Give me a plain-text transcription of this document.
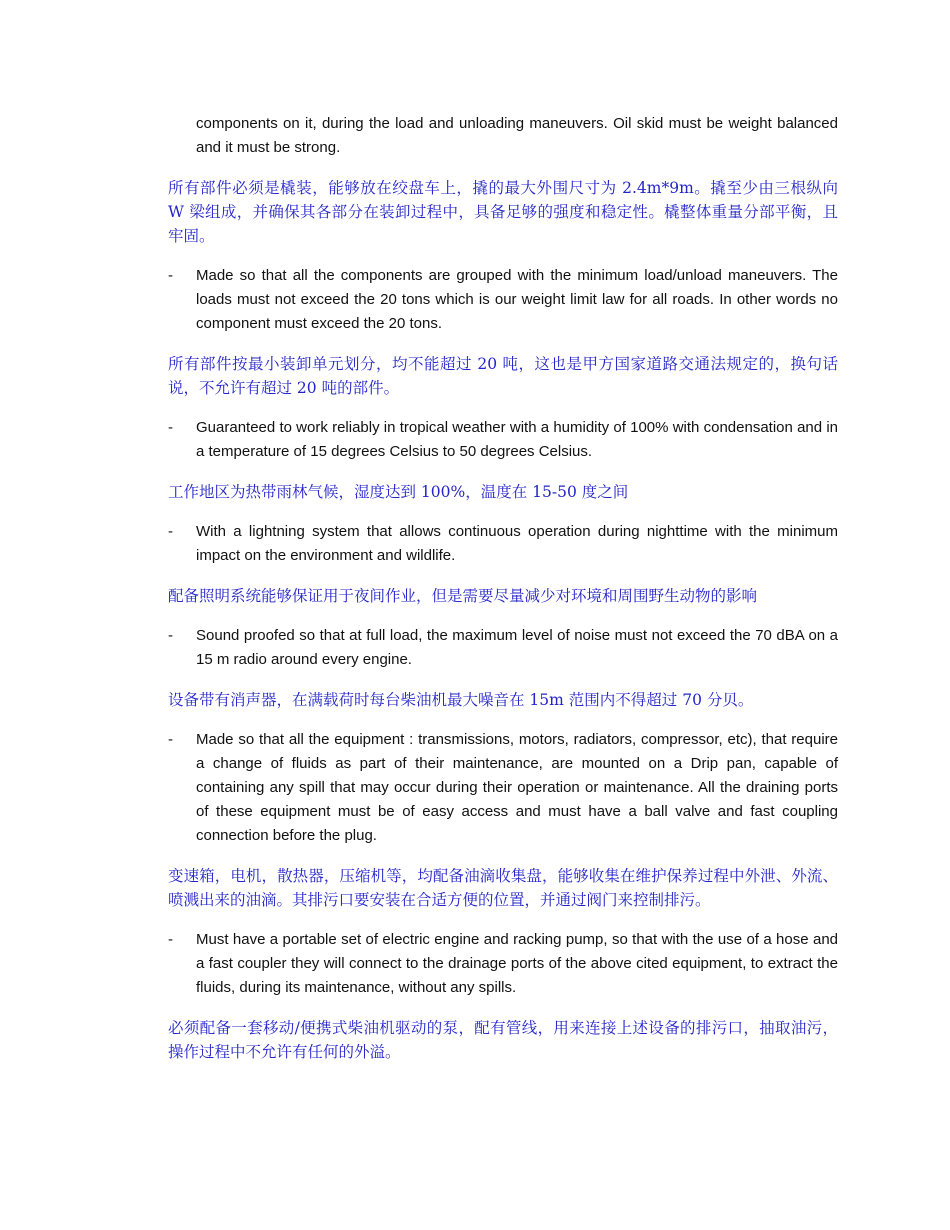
components on it, during the load and unloading maneuvers. Oil skid must be weight balanced and it must be strong.

所有部件必须是橇装，能够放在绞盘车上，撬的最大外围尺寸为 2.4m*9m。撬至少由三根纵向 W 梁组成，并确保其各部分在装卸过程中，具备足够的强度和稳定性。橇整体重量分部平衡，且牢固。

- Made so that all the components are grouped with the minimum load/unload maneuvers. The loads must not exceed the 20 tons which is our weight limit law for all roads. In other words no component must exceed the 20 tons.

所有部件按最小装卸单元划分，均不能超过 20 吨，这也是甲方国家道路交通法规定的，换句话说，不允许有超过 20 吨的部件。

- Guaranteed to work reliably in tropical weather with a humidity of 100% with condensation and in a temperature of 15 degrees Celsius to 50 degrees Celsius.

工作地区为热带雨林气候，湿度达到 100%，温度在 15-50 度之间

- With a lightning system that allows continuous operation during nighttime with the minimum impact on the environment and wildlife.

配备照明系统能够保证用于夜间作业，但是需要尽量减少对环境和周围野生动物的影响

- Sound proofed so that at full load, the maximum level of noise must not exceed the 70 dBA on a 15 m radio around every engine.

设备带有消声器，在满载荷时每台柴油机最大噪音在 15m 范围内不得超过 70 分贝。

- Made so that all the equipment : transmissions, motors, radiators, compressor, etc), that require a change of fluids as part of their maintenance, are mounted on a Drip pan, capable of containing any spill that may occur during their operation or maintenance. All the draining ports of these equipment must be of easy access and must have a ball valve and fast coupling connection before the plug.

变速箱，电机，散热器，压缩机等，均配备油滴收集盘，能够收集在维护保养过程中外泄、外流、喷溅出来的油滴。其排污口要安装在合适方便的位置，并通过阀门来控制排污。

- Must have a portable set of electric engine and racking pump, so that with the use of a hose and a fast coupler they will connect to the drainage ports of the above cited equipment, to extract the fluids, during its maintenance, without any spills.

必须配备一套移动/便携式柴油机驱动的泵，配有管线，用来连接上述设备的排污口，抽取油污，操作过程中不允许有任何的外溢。
